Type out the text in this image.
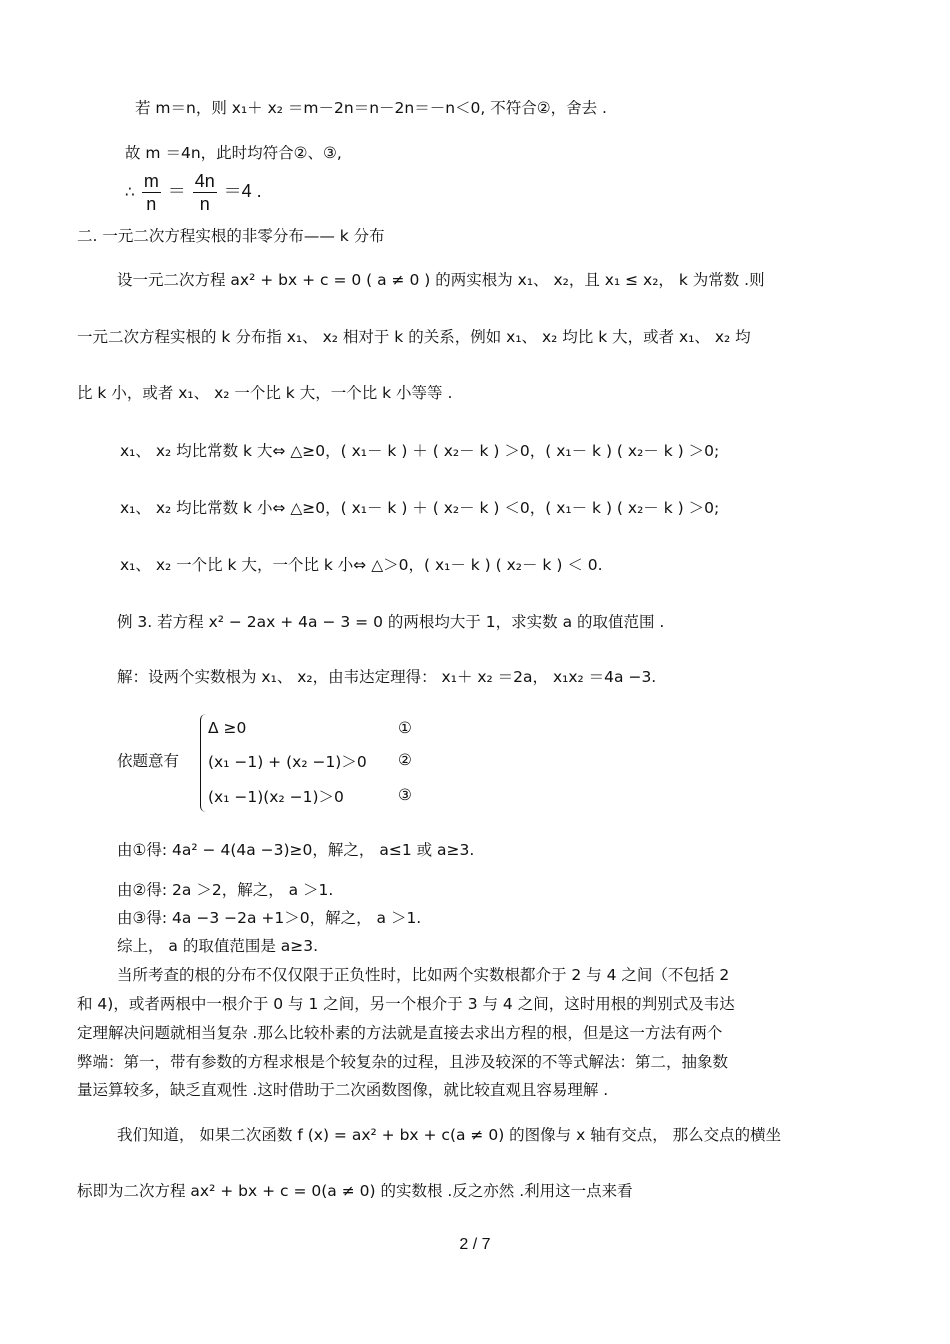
若 m＝n，则 x₁＋ x₂ ＝m－2n＝n－2n＝－n＜0, 不符合②，舍去 .
故 m ＝4n，此时均符合②、③,
∴ $\frac{m}{n} = \frac{4n}{n} =4$ .
二. 一元二次方程实根的非零分布—— k 分布
设一元二次方程 ax² + bx + c = 0 ( a ≠ 0 ) 的两实根为 x₁、 x₂，且 x₁ ≤ x₂， k 为常数 .则
一元二次方程实根的 k 分布指 x₁、 x₂ 相对于 k 的关系，例如 x₁、 x₂ 均比 k 大，或者 x₁、 x₂ 均
比 k 小，或者 x₁、 x₂ 一个比 k 大，一个比 k 小等等 .
x₁、 x₂ 均比常数 k 大⇔ △≥0，( x₁－ k ) ＋ ( x₂－ k ) ＞0，( x₁－ k ) ( x₂－ k ) ＞0;
x₁、 x₂ 均比常数 k 小⇔ △≥0，( x₁－ k ) ＋ ( x₂－ k ) ＜0，( x₁－ k ) ( x₂－ k ) ＞0;
x₁、 x₂ 一个比 k 大，一个比 k 小⇔ △＞0，( x₁－ k ) ( x₂－ k ) ＜ 0.
例 3. 若方程 x² − 2ax + 4a − 3 = 0 的两根均大于 1，求实数 a 的取值范围 .
解：设两个实数根为 x₁、 x₂，由韦达定理得： x₁＋ x₂ ＝2a， x₁x₂ ＝4a −3.
依题意有
Δ ≥0
(x₁ −1) + (x₂ −1)＞0
(x₁ −1)(x₂ −1)＞0
①
②
③
由①得: 4a² − 4(4a −3)≥0，解之， a≤1 或 a≥3.
由②得: 2a ＞2，解之， a ＞1.
由③得: 4a −3 −2a +1＞0，解之， a ＞1.
综上， a 的取值范围是 a≥3.
当所考查的根的分布不仅仅限于正负性时，比如两个实数根都介于 2 与 4 之间（不包括 2
和 4)，或者两根中一根介于 0 与 1 之间，另一个根介于 3 与 4 之间，这时用根的判别式及韦达
定理解决问题就相当复杂 .那么比较朴素的方法就是直接去求出方程的根，但是这一方法有两个
弊端：第一，带有参数的方程求根是个较复杂的过程，且涉及较深的不等式解法：第二，抽象数
量运算较多，缺乏直观性 .这时借助于二次函数图像，就比较直观且容易理解 .
我们知道， 如果二次函数 f (x) = ax² + bx + c(a ≠ 0) 的图像与 x 轴有交点， 那么交点的横坐
标即为二次方程 ax² + bx + c = 0(a ≠ 0) 的实数根 .反之亦然 .利用这一点来看
2 / 7
